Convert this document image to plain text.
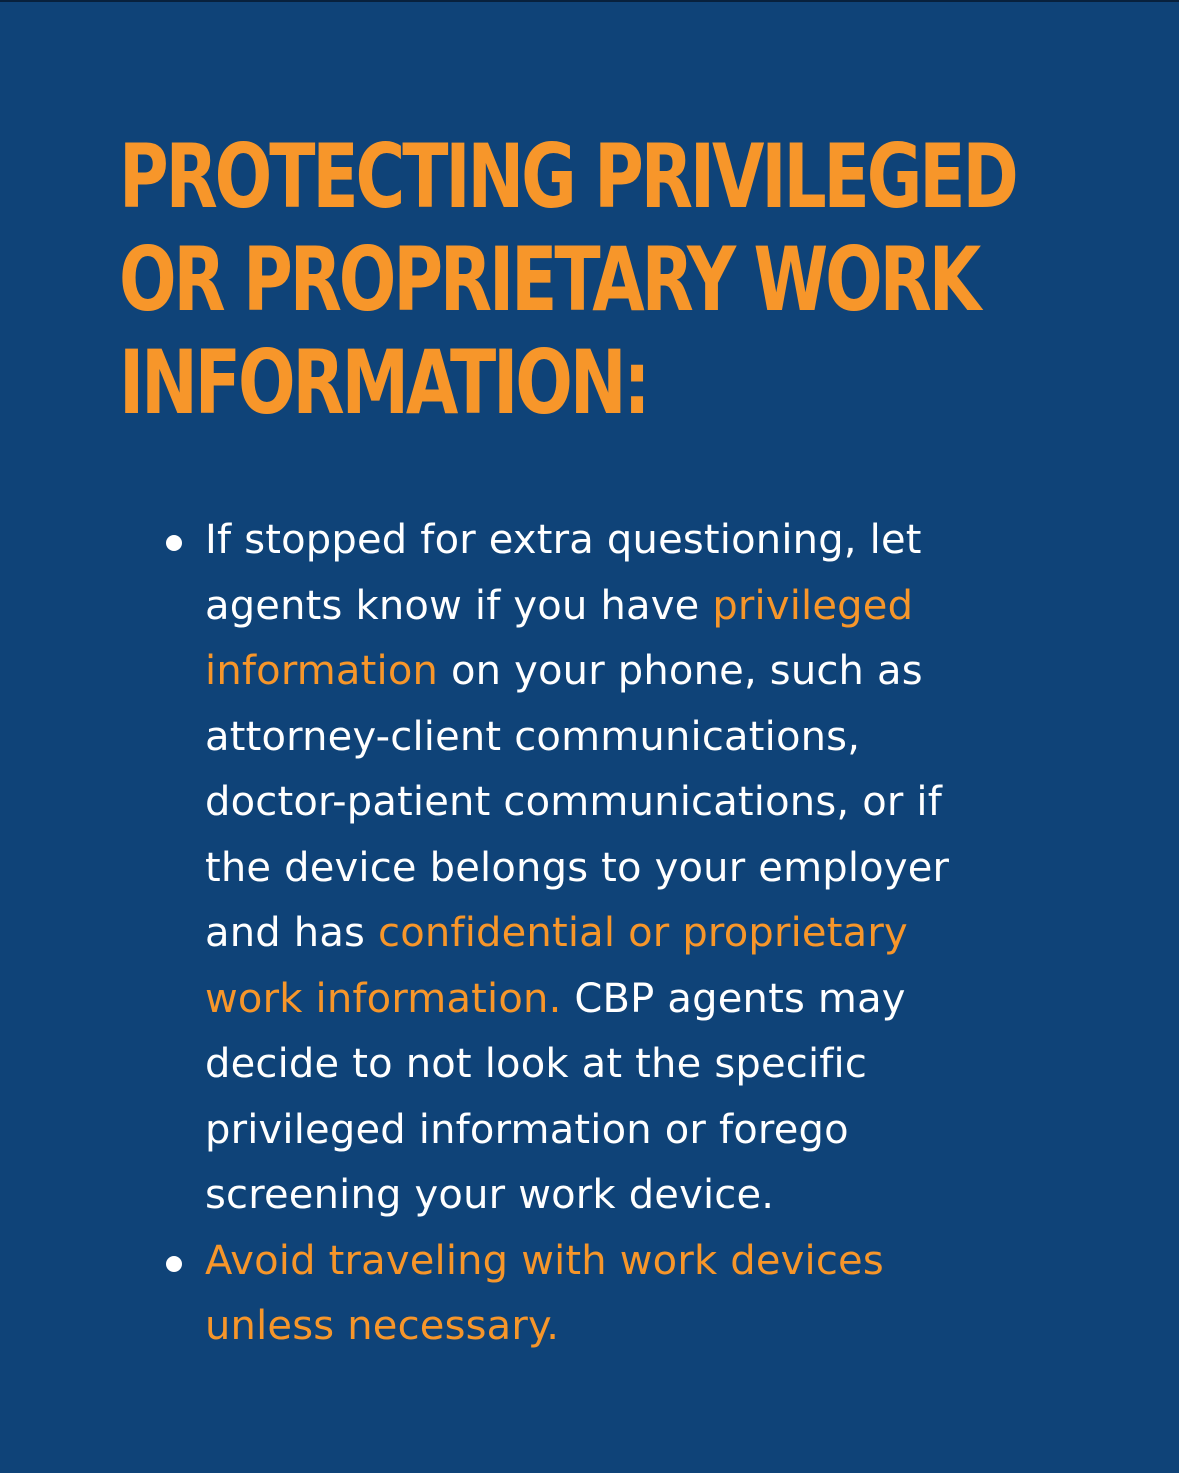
PROTECTING PRIVILEGED
OR PROPRIETARY WORK
INFORMATION:
If stopped for extra questioning, let
agents know if you have privileged
information on your phone, such as
attorney-client communications,
doctor-patient communications, or if
the device belongs to your employer
and has confidential or proprietary
work information. CBP agents may
decide to not look at the specific
privileged information or forego
screening your work device.
Avoid traveling with work devices
unless necessary.
